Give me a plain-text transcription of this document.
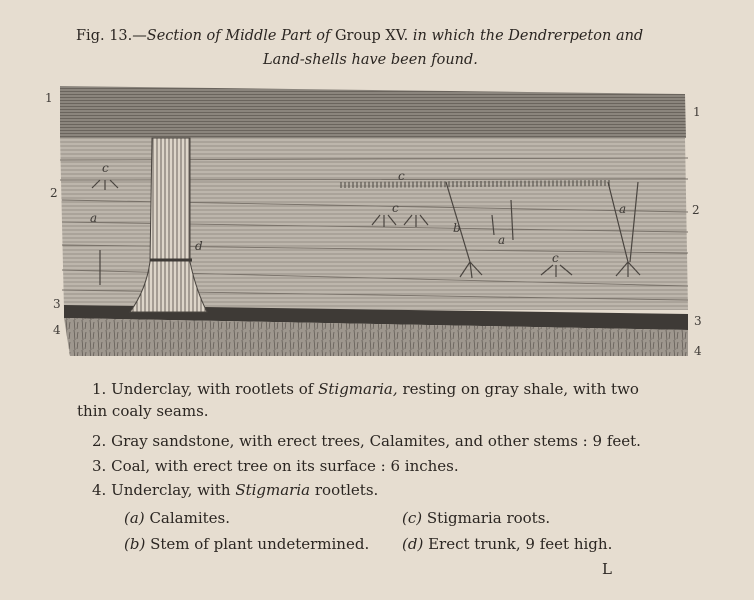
Fig. 13.—Section of Middle Part of Group XV. in which the Dendrerpeton and
Land-shells have been found.
c
a
d
c
c
b
a
c
a
1
2
3
4
1
2
3
4
1. Underclay, with rootlets of Stigmaria, resting on gray shale, with two
thin coaly seams.
2. Gray sandstone, with erect trees, Calamites, and other stems : 9 feet.
3. Coal, with erect tree on its surface : 6 inches.
4. Underclay, with Stigmaria rootlets.
(a) Calamites.	(c) Stigmaria roots.
(b) Stem of plant undetermined. (d) Erect trunk, 9 feet high.
L
